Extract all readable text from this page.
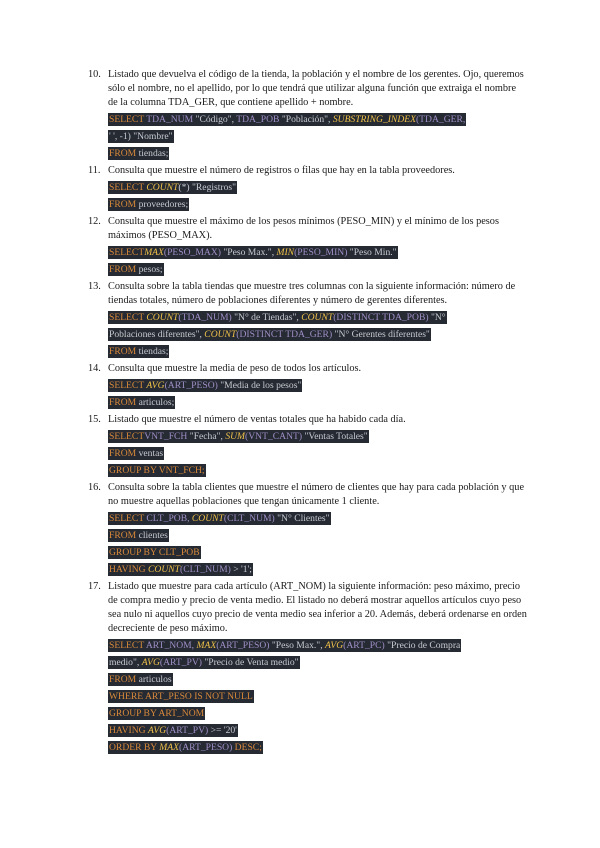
10. Listado que devuelva el código de la tienda, la población y el nombre de los gerentes. Ojo, queremos sólo el nombre, no el apellido, por lo que tendrá que utilizar alguna función que extraiga el nombre de la columna TDA_GER, que contiene apellido + nombre.
SELECT TDA_NUM "Código", TDA_POB "Población", SUBSTRING_INDEX(TDA_GER,
' ', -1) "Nombre"
FROM tiendas;
11. Consulta que muestre el número de registros o filas que hay en la tabla proveedores.
SELECT COUNT(*) "Registros"
FROM proveedores;
12. Consulta que muestre el máximo de los pesos mínimos (PESO_MIN) y el mínimo de los pesos máximos (PESO_MAX).
SELECTMAX(PESO_MAX) "Peso Max.", MIN(PESO_MIN) "Peso Min."
FROM pesos;
13. Consulta sobre la tabla tiendas que muestre tres columnas con la siguiente información: número de tiendas totales, número de poblaciones diferentes y número de gerentes diferentes.
SELECT COUNT(TDA_NUM) "N° de Tiendas", COUNT(DISTINCT TDA_POB) "N°
Poblaciones diferentes", COUNT(DISTINCT TDA_GER) "N° Gerentes diferentes"
FROM tiendas;
14. Consulta que muestre la media de peso de todos los artículos.
SELECT AVG(ART_PESO) "Media de los pesos"
FROM articulos;
15. Listado que muestre el número de ventas totales que ha habido cada día.
SELECTVNT_FCH "Fecha", SUM(VNT_CANT) "Ventas Totales"
FROM ventas
GROUP BY VNT_FCH;
16. Consulta sobre la tabla clientes que muestre el número de clientes que hay para cada población y que no muestre aquellas poblaciones que tengan únicamente 1 cliente.
SELECT CLT_POB, COUNT(CLT_NUM) "N° Clientes"
FROM clientes
GROUP BY CLT_POB
HAVING COUNT(CLT_NUM) > '1';
17. Listado que muestre para cada artículo (ART_NOM) la siguiente información: peso máximo, precio de compra medio y precio de venta medio. El listado no deberá mostrar aquellos artículos cuyo peso sea nulo ni aquellos cuyo precio de venta medio sea inferior a 20. Además, deberá ordenarse en orden decreciente de peso máximo.
SELECT ART_NOM, MAX(ART_PESO) "Peso Max.", AVG(ART_PC) "Precio de Compra
medio", AVG(ART_PV) "Precio de Venta medio"
FROM articulos
WHERE ART_PESO IS NOT NULL
GROUP BY ART_NOM
HAVING AVG(ART_PV) >= '20'
ORDER BY MAX(ART_PESO) DESC;
